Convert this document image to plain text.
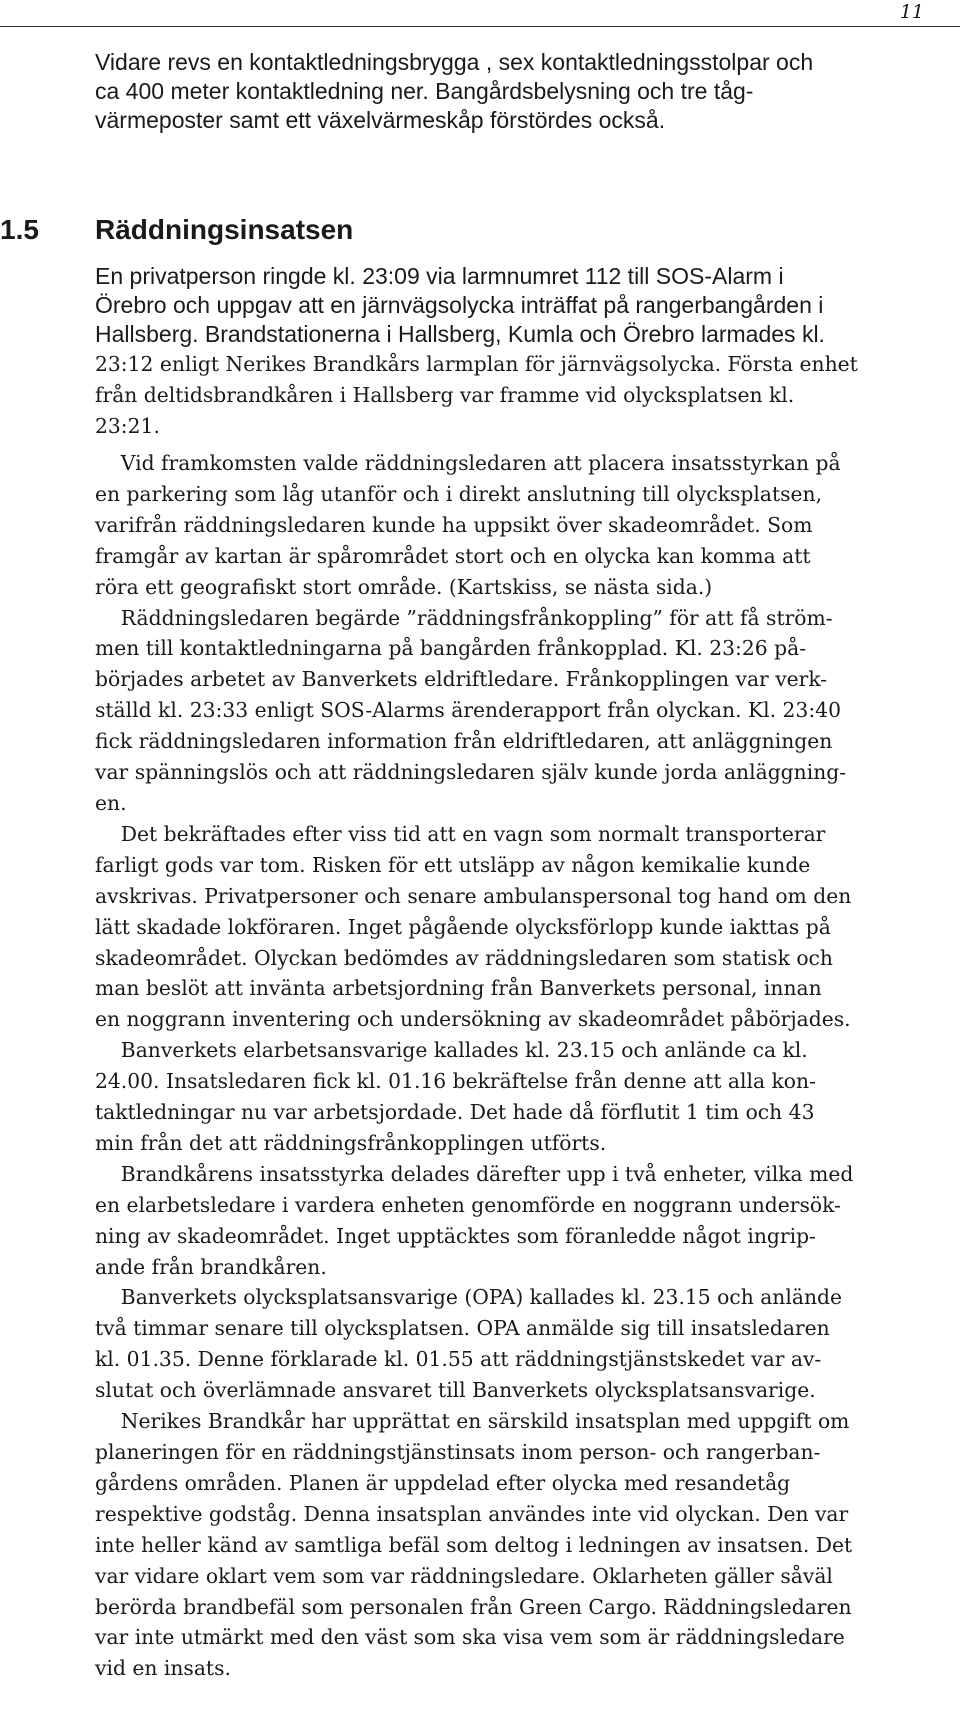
11
Vidare revs en kontaktledningsbrygga , sex kontaktledningsstolpar och
ca 400 meter kontaktledning ner. Bangårdsbelysning och tre tåg-
värmeposter samt ett växelvärmeskåp förstördes också.
1.5 Räddningsinsatsen
En privatperson ringde kl. 23:09 via larmnumret 112 till SOS-Alarm i
Örebro och uppgav att en järnvägsolycka inträffat på rangerbangården i
Hallsberg. Brandstationerna i Hallsberg, Kumla och Örebro larmades kl.
23:12 enligt Nerikes Brandkårs larmplan för järnvägsolycka. Första enhet
från deltidsbrandkåren i Hallsberg var framme vid olycksplatsen kl.
23:21.
Vid framkomsten valde räddningsledaren att placera insatsstyrkan på
en parkering som låg utanför och i direkt anslutning till olycksplatsen,
varifrån räddningsledaren kunde ha uppsikt över skadeområdet. Som
framgår av kartan är spårområdet stort och en olycka kan komma att
röra ett geografiskt stort område. (Kartskiss, se nästa sida.)
Räddningsledaren begärde ”räddningsfrånkoppling” för att få ström-
men till kontaktledningarna på bangården frånkopplad. Kl. 23:26 på-
börjades arbetet av Banverkets eldriftledare. Frånkopplingen var verk-
ställd kl. 23:33 enligt SOS-Alarms ärenderapport från olyckan. Kl. 23:40
fick räddningsledaren information från eldriftledaren, att anläggningen
var spänningslös och att räddningsledaren själv kunde jorda anläggning-
en.
Det bekräftades efter viss tid att en vagn som normalt transporterar
farligt gods var tom. Risken för ett utsläpp av någon kemikalie kunde
avskrivas. Privatpersoner och senare ambulanspersonal tog hand om den
lätt skadade lokföraren. Inget pågående olycksförlopp kunde iakttas på
skadeområdet. Olyckan bedömdes av räddningsledaren som statisk och
man beslöt att invänta arbetsjordning från Banverkets personal, innan
en noggrann inventering och undersökning av skadeområdet påbörjades.
Banverkets elarbetsansvarige kallades kl. 23.15 och anlände ca kl.
24.00. Insatsledaren fick kl. 01.16 bekräftelse från denne att alla kon-
taktledningar nu var arbetsjordade. Det hade då förflutit 1 tim och 43
min från det att räddningsfrånkopplingen utförts.
Brandkårens insatsstyrka delades därefter upp i två enheter, vilka med
en elarbetsledare i vardera enheten genomförde en noggrann undersök-
ning av skadeområdet. Inget upptäcktes som föranledde något ingrip-
ande från brandkåren.
Banverkets olycksplatsansvarige (OPA) kallades kl. 23.15 och anlände
två timmar senare till olycksplatsen. OPA anmälde sig till insatsledaren
kl. 01.35. Denne förklarade kl. 01.55 att räddningstjänstskedet var av-
slutat och överlämnade ansvaret till Banverkets olycksplatsansvarige.
Nerikes Brandkår har upprättat en särskild insatsplan med uppgift om
planeringen för en räddningstjänstinsats inom person- och rangerban-
gårdens områden. Planen är uppdelad efter olycka med resandetåg
respektive godståg. Denna insatsplan användes inte vid olyckan. Den var
inte heller känd av samtliga befäl som deltog i ledningen av insatsen. Det
var vidare oklart vem som var räddningsledare. Oklarheten gäller såväl
berörda brandbefäl som personalen från Green Cargo. Räddningsledaren
var inte utmärkt med den väst som ska visa vem som är räddningsledare
vid en insats.
